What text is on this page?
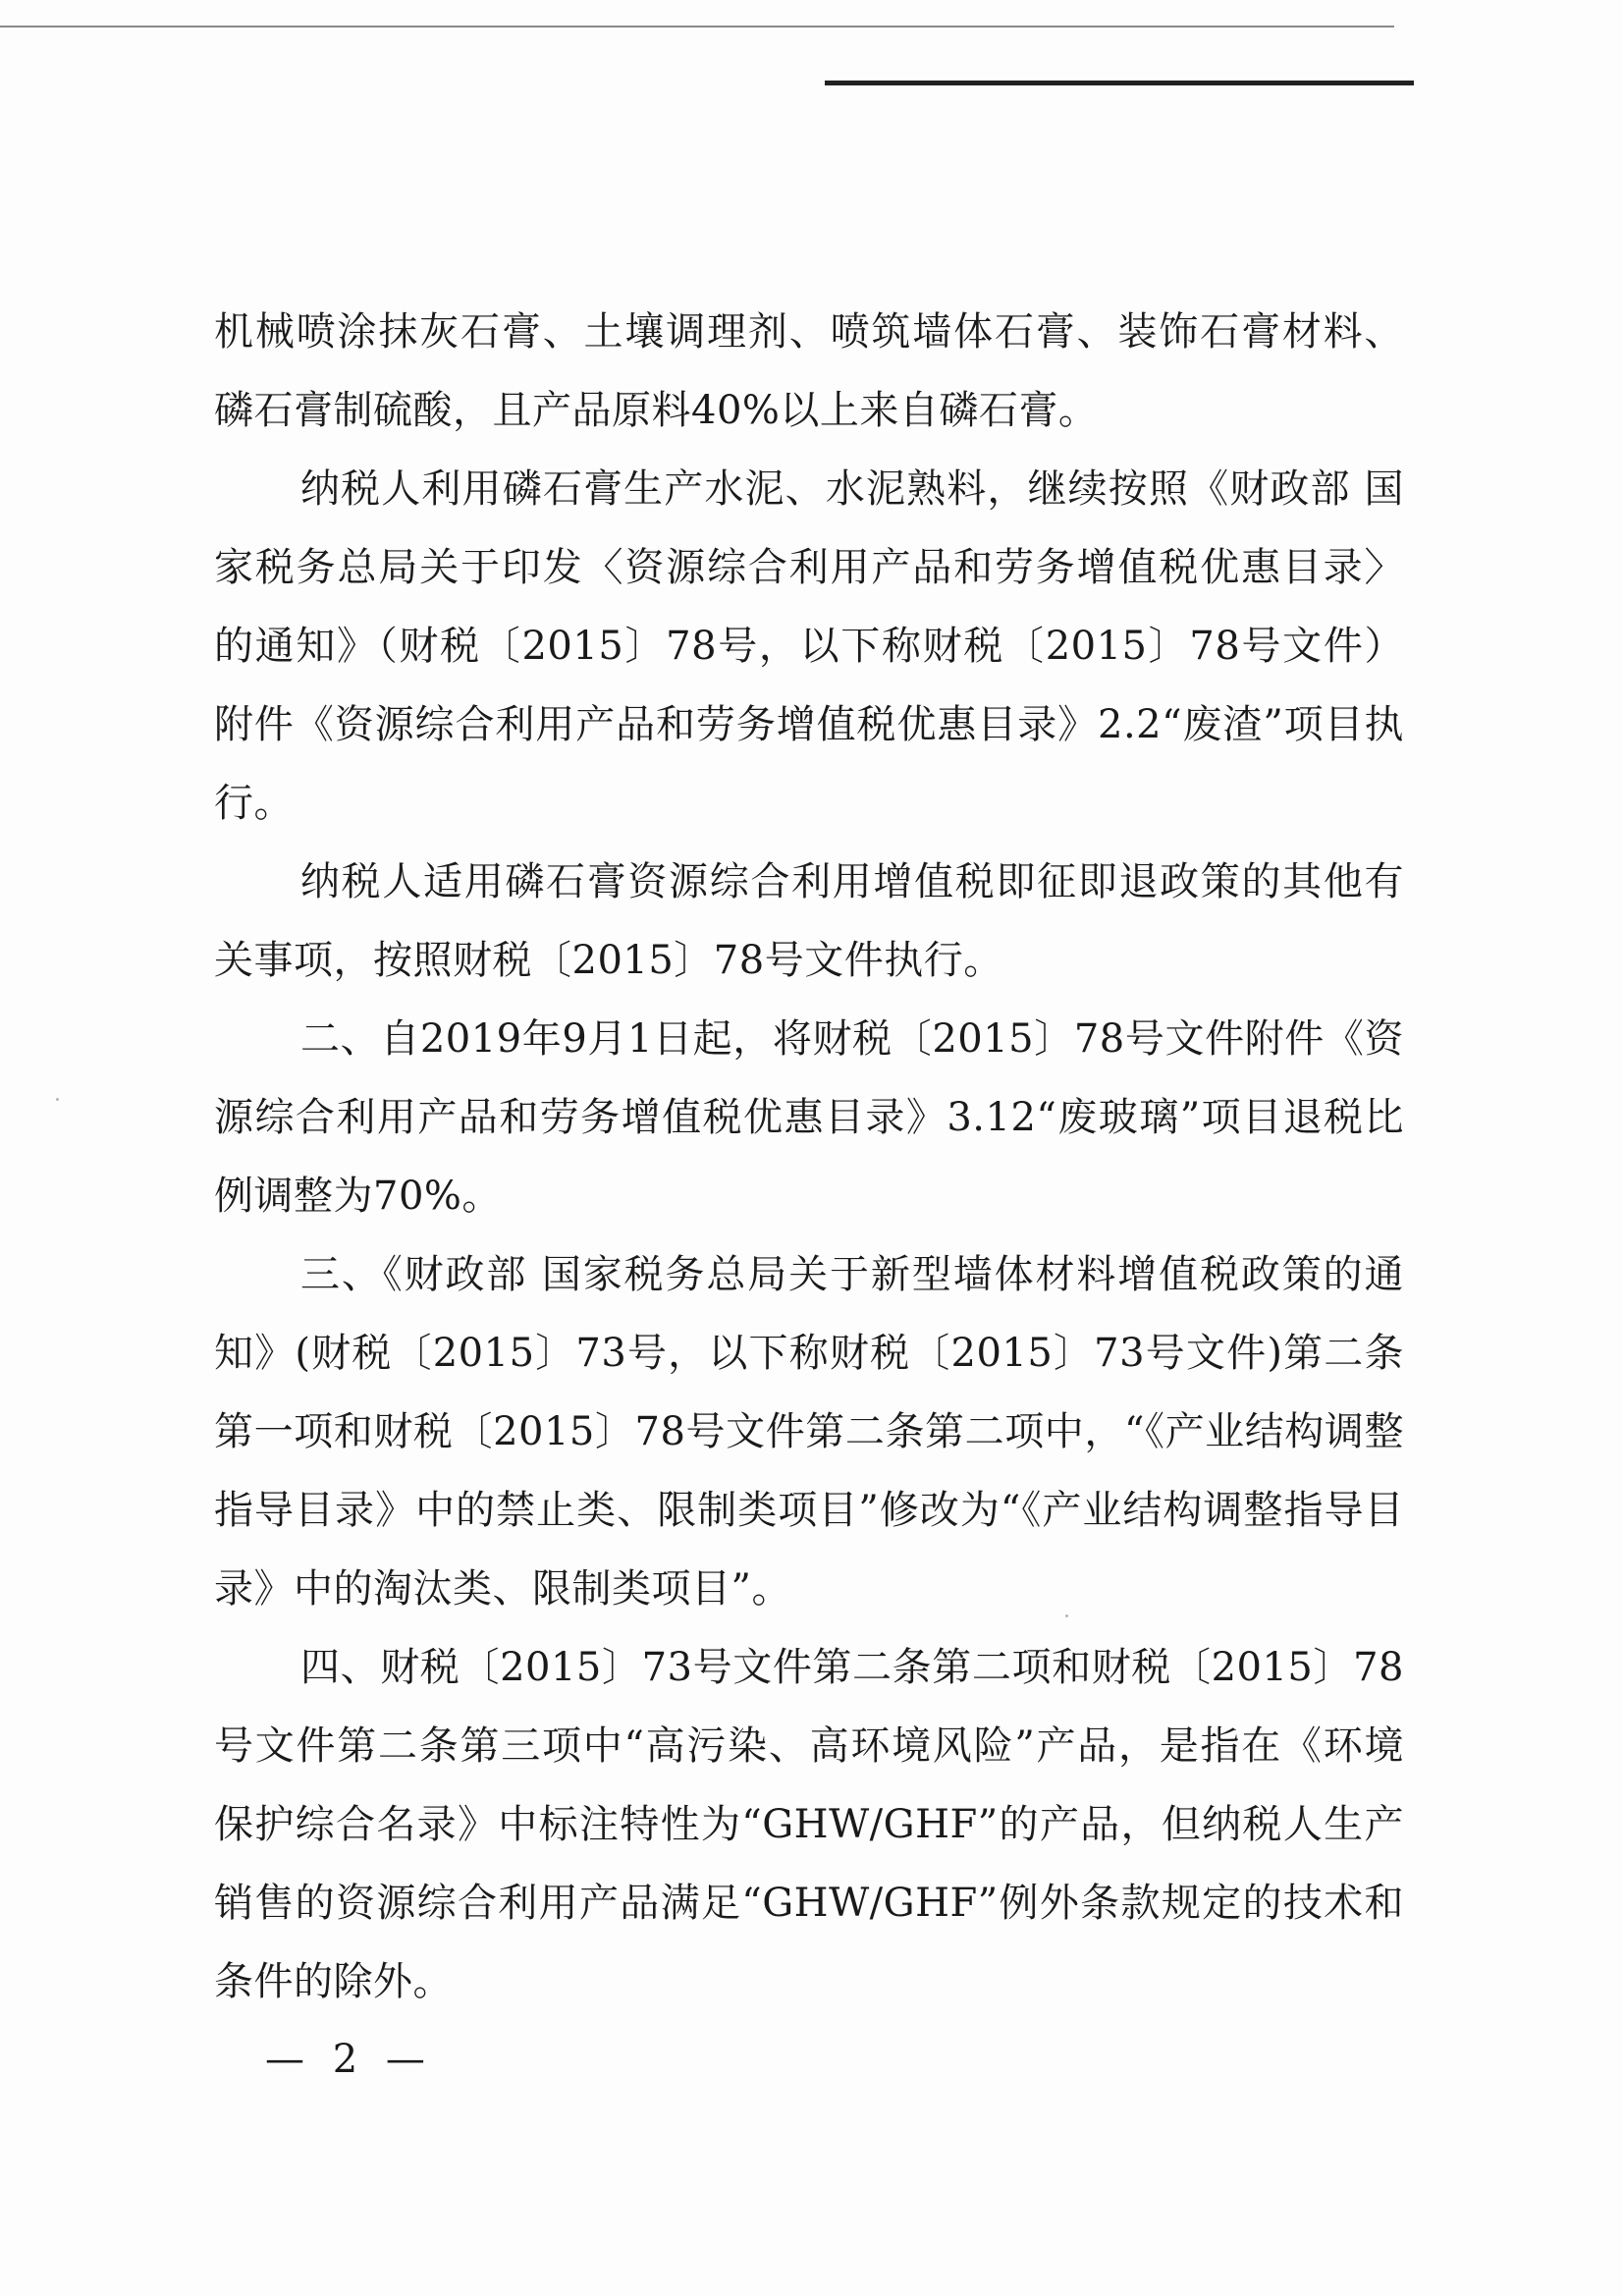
机械喷涂抹灰石膏、土壤调理剂、喷筑墙体石膏、装饰石膏材料、磷石膏制硫酸，且产品原料40%以上来自磷石膏。

纳税人利用磷石膏生产水泥、水泥熟料，继续按照《财政部 国家税务总局关于印发〈资源综合利用产品和劳务增值税优惠目录〉的通知》（财税〔2015〕78号，以下称财税〔2015〕78号文件）附件《资源综合利用产品和劳务增值税优惠目录》2.2“废渣”项目执行。

纳税人适用磷石膏资源综合利用增值税即征即退政策的其他有关事项，按照财税〔2015〕78号文件执行。

二、自2019年9月1日起，将财税〔2015〕78号文件附件《资源综合利用产品和劳务增值税优惠目录》3.12“废玻璃”项目退税比例调整为70%。

三、《财政部 国家税务总局关于新型墙体材料增值税政策的通知》(财税〔2015〕73号，以下称财税〔2015〕73号文件)第二条第一项和财税〔2015〕78号文件第二条第二项中，“《产业结构调整指导目录》中的禁止类、限制类项目”修改为“《产业结构调整指导目录》中的淘汰类、限制类项目”。

四、财税〔2015〕73号文件第二条第二项和财税〔2015〕78号文件第二条第三项中“高污染、高环境风险”产品，是指在《环境保护综合名录》中标注特性为“GHW/GHF”的产品，但纳税人生产销售的资源综合利用产品满足“GHW/GHF”例外条款规定的技术和条件的除外。

— 2 —
